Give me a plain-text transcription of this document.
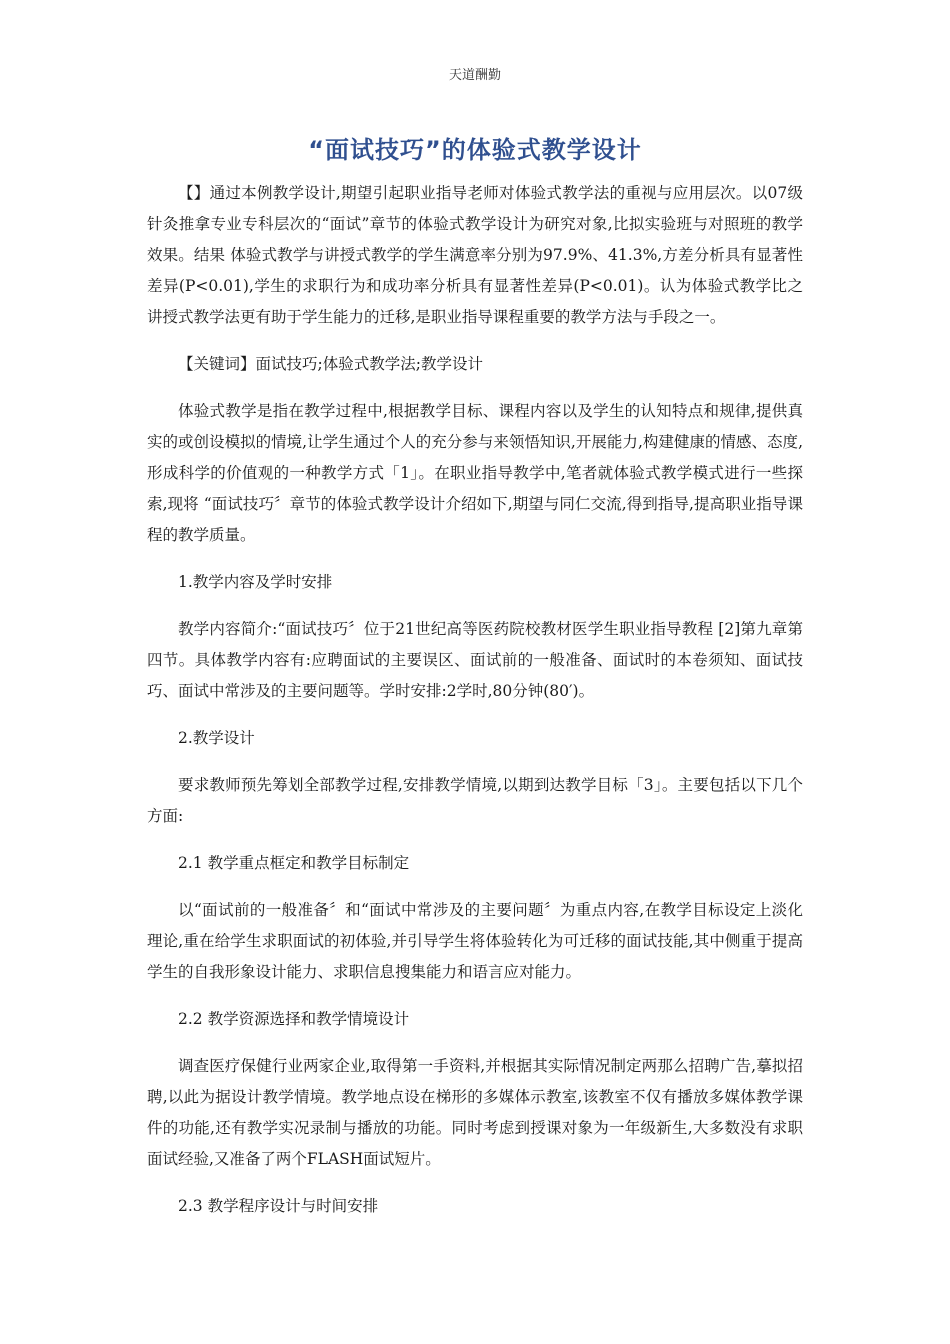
天道酬勤
“面试技巧”的体验式教学设计

【】通过本例教学设计,期望引起职业指导老师对体验式教学法的重视与应用层次。以07级针灸推拿专业专科层次的“面试”章节的体验式教学设计为研究对象,比拟实验班与对照班的教学效果。结果 体验式教学与讲授式教学的学生满意率分别为97.9%、41.3%,方差分析具有显著性差异(P<0.01),学生的求职行为和成功率分析具有显著性差异(P<0.01)。认为体验式教学比之讲授式教学法更有助于学生能力的迁移,是职业指导课程重要的教学方法与手段之一。

【关键词】面试技巧;体验式教学法;教学设计

体验式教学是指在教学过程中,根据教学目标、课程内容以及学生的认知特点和规律,提供真实的或创设模拟的情境,让学生通过个人的充分参与来领悟知识,开展能力,构建健康的情感、态度,形成科学的价值观的一种教学方式「1」。在职业指导教学中,笔者就体验式教学模式进行一些探索,现将 “面试技巧〞章节的体验式教学设计介绍如下,期望与同仁交流,得到指导,提高职业指导课程的教学质量。

1.教学内容及学时安排

教学内容简介:“面试技巧〞位于21世纪高等医药院校教材医学生职业指导教程 [2]第九章第四节。具体教学内容有:应聘面试的主要误区、面试前的一般准备、面试时的本卷须知、面试技巧、面试中常涉及的主要问题等。学时安排:2学时,80分钟(80′)。

2.教学设计

要求教师预先筹划全部教学过程,安排教学情境,以期到达教学目标「3」。主要包括以下几个方面:

2.1 教学重点框定和教学目标制定

以“面试前的一般准备〞和“面试中常涉及的主要问题〞为重点内容,在教学目标设定上淡化理论,重在给学生求职面试的初体验,并引导学生将体验转化为可迁移的面试技能,其中侧重于提高学生的自我形象设计能力、求职信息搜集能力和语言应对能力。

2.2 教学资源选择和教学情境设计

调查医疗保健行业两家企业,取得第一手资料,并根据其实际情况制定两那么招聘广告,摹拟招聘,以此为据设计教学情境。教学地点设在梯形的多媒体示教室,该教室不仅有播放多媒体教学课件的功能,还有教学实况录制与播放的功能。同时考虑到授课对象为一年级新生,大多数没有求职面试经验,又准备了两个FLASH面试短片。

2.3 教学程序设计与时间安排
